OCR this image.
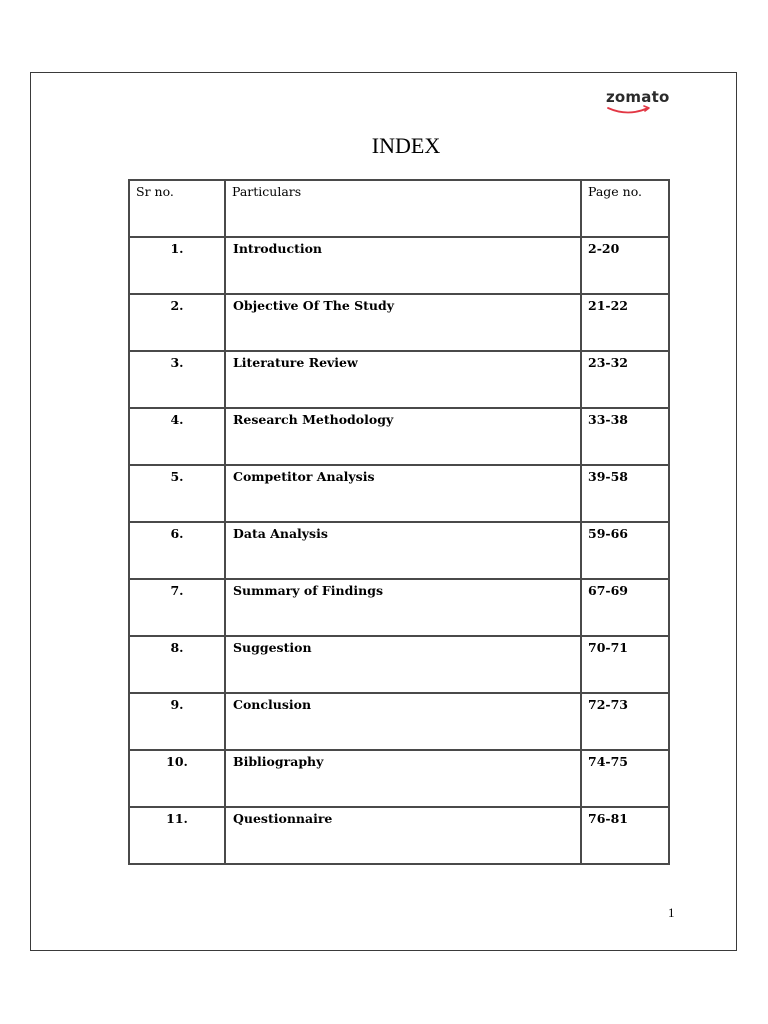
zomato
INDEX
Sr no.	Particulars	Page no.
1.	Introduction	2-20
2.	Objective Of The Study	21-22
3.	Literature Review	23-32
4.	Research Methodology	33-38
5.	Competitor Analysis	39-58
6.	Data Analysis	59-66
7.	Summary of Findings	67-69
8.	Suggestion	70-71
9.	Conclusion	72-73
10.	Bibliography	74-75
11.	Questionnaire	76-81
1
